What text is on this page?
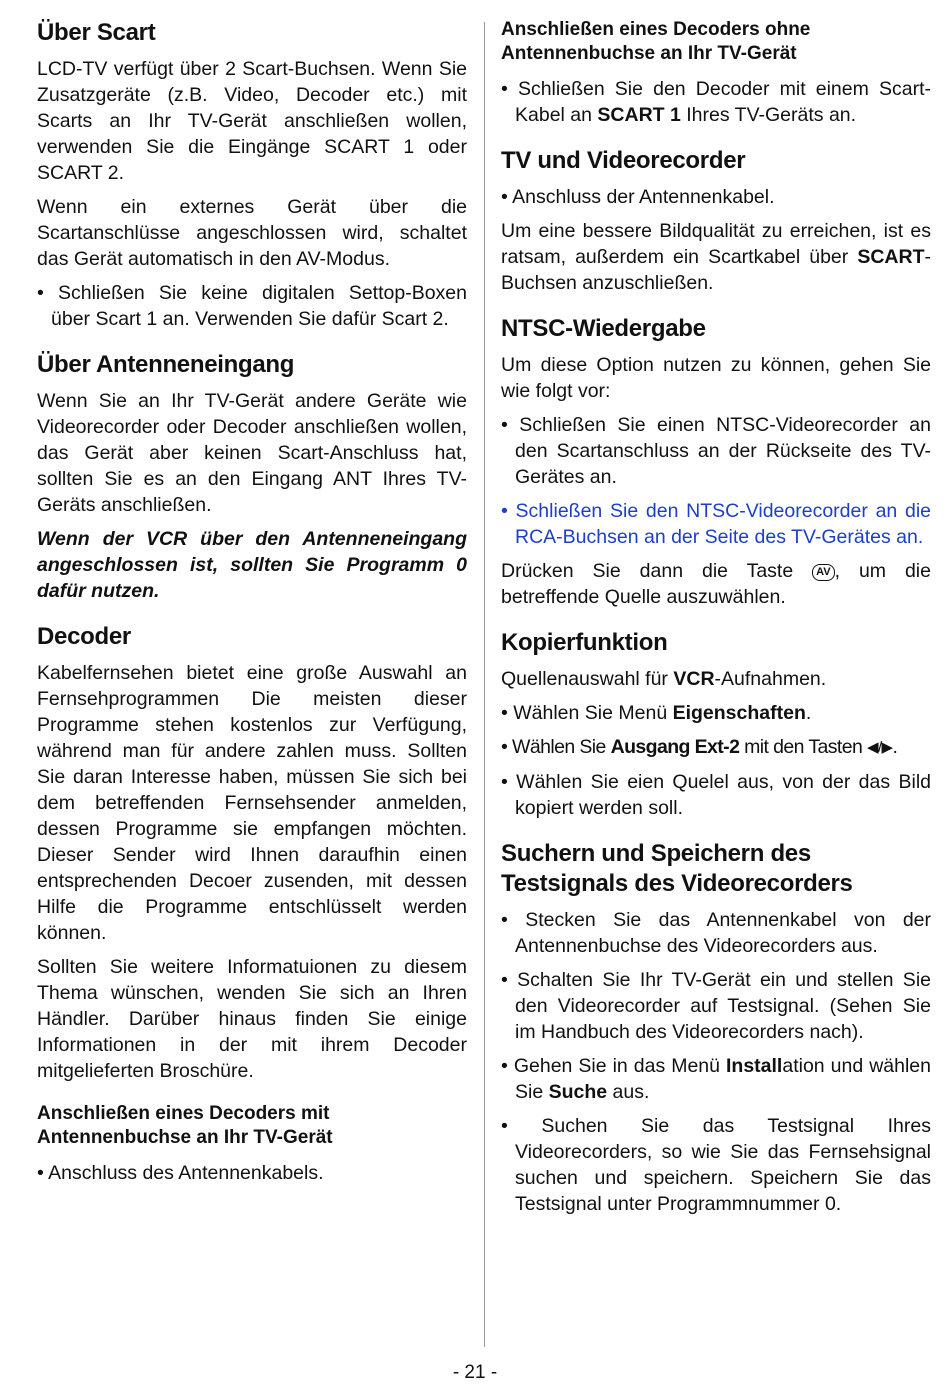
Über Scart

LCD-TV verfügt über 2 Scart-Buchsen. Wenn Sie Zusatzgeräte (z.B. Video, Decoder etc.) mit Scarts an Ihr TV-Gerät anschließen wollen, verwenden Sie die Eingänge SCART 1 oder SCART 2.

Wenn ein externes Gerät über die Scartanschlüsse angeschlossen wird, schaltet das Gerät automatisch in den AV-Modus.

• Schließen Sie keine digitalen Settop-Boxen über Scart 1 an. Verwenden Sie dafür Scart 2.

Über Antenneneingang

Wenn Sie an Ihr TV-Gerät andere Geräte wie Videorecorder oder Decoder anschließen wollen, das Gerät aber keinen Scart-Anschluss hat, sollten Sie es an den Eingang ANT Ihres TV-Geräts anschließen.

Wenn der VCR über den Antenneneingang angeschlossen ist, sollten Sie Programm 0 dafür nutzen.

Decoder

Kabelfernsehen bietet eine große Auswahl an Fernsehprogrammen Die meisten dieser Programme stehen kostenlos zur Verfügung, während man für andere zahlen muss. Sollten Sie daran Interesse haben, müssen Sie sich bei dem betreffenden Fernsehsender anmelden, dessen Programme sie empfangen möchten. Dieser Sender wird Ihnen daraufhin einen entsprechenden Decoer zusenden, mit dessen Hilfe die Programme entschlüsselt werden können.

Sollten Sie weitere Informatuionen zu diesem Thema wünschen, wenden Sie sich an Ihren Händler. Darüber hinaus finden Sie einige Informationen in der mit ihrem Decoder mitgelieferten Broschüre.

Anschließen eines Decoders mit Antennenbuchse an Ihr TV-Gerät

• Anschluss des Antennenkabels.

Anschließen eines Decoders ohne Antennenbuchse an Ihr TV-Gerät

• Schließen Sie den Decoder mit einem Scart-Kabel an SCART 1 Ihres TV-Geräts an.

TV und Videorecorder

• Anschluss der Antennenkabel.

Um eine bessere Bildqualität zu erreichen, ist es ratsam, außerdem ein Scartkabel über SCART-Buchsen anzuschließen.

NTSC-Wiedergabe

Um diese Option nutzen zu können, gehen Sie wie folgt vor:

• Schließen Sie einen NTSC-Videorecorder an den Scartanschluss an der Rückseite des TV-Gerätes an.

• Schließen Sie den NTSC-Videorecorder an die RCA-Buchsen an der Seite des TV-Gerätes an.

Drücken Sie dann die Taste AV , um die betreffende Quelle auszuwählen.

Kopierfunktion

Quellenauswahl für VCR-Aufnahmen.

• Wählen Sie Menü Eigenschaften.

• Wählen Sie Ausgang Ext-2 mit den Tasten ◀/▶.

• Wählen Sie eien Quelel aus, von der das Bild kopiert werden soll.

Suchern und Speichern des Testsignals des Videorecorders

• Stecken Sie das Antennenkabel von der Antennenbuchse des Videorecorders aus.

• Schalten Sie Ihr TV-Gerät ein und stellen Sie den Videorecorder auf Testsignal. (Sehen Sie im Handbuch des Videorecorders nach).

• Gehen Sie in das Menü Installation und wählen Sie Suche aus.

• Suchen Sie das Testsignal Ihres Videorecorders, so wie Sie das Fernsehsignal suchen und speichern. Speichern Sie das Testsignal unter Programmnummer 0.

- 21 -
